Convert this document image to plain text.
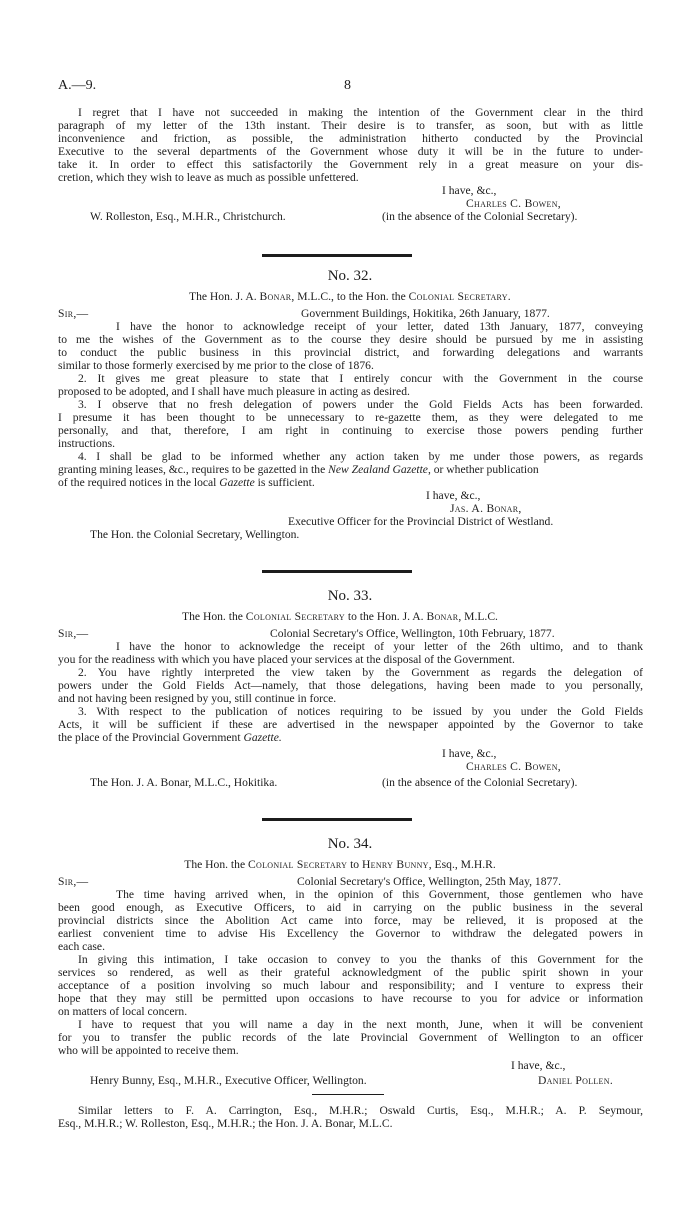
A.—9.	8
I regret that I have not succeeded in making the intention of the Government clear in the third
paragraph of my letter of the 13th instant. Their desire is to transfer, as soon, but with as little
inconvenience and friction, as possible, the administration hitherto conducted by the Provincial
Executive to the several departments of the Government whose duty it will be in the future to under-
take it. In order to effect this satisfactorily the Government rely in a great measure on your dis-
cretion, which they wish to leave as much as possible unfettered.
I have, &c.,
Charles C. Bowen,
W. Rolleston, Esq., M.H.R., Christchurch.	(in the absence of the Colonial Secretary).
No. 32.
The Hon. J. A. Bonar, M.L.C., to the Hon. the Colonial Secretary.
Sir,—	Government Buildings, Hokitika, 26th January, 1877.
I have the honor to acknowledge receipt of your letter, dated 13th January, 1877, conveying
to me the wishes of the Government as to the course they desire should be pursued by me in assisting
to conduct the public business in this provincial district, and forwarding delegations and warrants
similar to those formerly exercised by me prior to the close of 1876.
2. It gives me great pleasure to state that I entirely concur with the Government in the course
proposed to be adopted, and I shall have much pleasure in acting as desired.
3. I observe that no fresh delegation of powers under the Gold Fields Acts has been forwarded.
I presume it has been thought to be unnecessary to re-gazette them, as they were delegated to me
personally, and that, therefore, I am right in continuing to exercise those powers pending further
instructions.
4. I shall be glad to be informed whether any action taken by me under those powers, as regards
granting mining leases, &c., requires to be gazetted in the New Zealand Gazette, or whether publication
of the required notices in the local Gazette is sufficient.
I have, &c.,
Jas. A. Bonar,
Executive Officer for the Provincial District of Westland.
The Hon. the Colonial Secretary, Wellington.
No. 33.
The Hon. the Colonial Secretary to the Hon. J. A. Bonar, M.L.C.
Sir,—	Colonial Secretary's Office, Wellington, 10th February, 1877.
I have the honor to acknowledge the receipt of your letter of the 26th ultimo, and to thank
you for the readiness with which you have placed your services at the disposal of the Government.
2. You have rightly interpreted the view taken by the Government as regards the delegation of
powers under the Gold Fields Act—namely, that those delegations, having been made to you personally,
and not having been resigned by you, still continue in force.
3. With respect to the publication of notices requiring to be issued by you under the Gold Fields
Acts, it will be sufficient if these are advertised in the newspaper appointed by the Governor to take
the place of the Provincial Government Gazette.
I have, &c.,
Charles C. Bowen,
The Hon. J. A. Bonar, M.L.C., Hokitika.	(in the absence of the Colonial Secretary).
No. 34.
The Hon. the Colonial Secretary to Henry Bunny, Esq., M.H.R.
Sir,—	Colonial Secretary's Office, Wellington, 25th May, 1877.
The time having arrived when, in the opinion of this Government, those gentlemen who have
been good enough, as Executive Officers, to aid in carrying on the public business in the several
provincial districts since the Abolition Act came into force, may be relieved, it is proposed at the
earliest convenient time to advise His Excellency the Governor to withdraw the delegated powers in
each case.
In giving this intimation, I take occasion to convey to you the thanks of this Government for the
services so rendered, as well as their grateful acknowledgment of the public spirit shown in your
acceptance of a position involving so much labour and responsibility; and I venture to express their
hope that they may still be permitted upon occasions to have recourse to you for advice or information
on matters of local concern.
I have to request that you will name a day in the next month, June, when it will be convenient
for you to transfer the public records of the late Provincial Government of Wellington to an officer
who will be appointed to receive them.
I have, &c.,
Henry Bunny, Esq., M.H.R., Executive Officer, Wellington.	Daniel Pollen.
Similar letters to F. A. Carrington, Esq., M.H.R.; Oswald Curtis, Esq., M.H.R.; A. P. Seymour,
Esq., M.H.R.; W. Rolleston, Esq., M.H.R.; the Hon. J. A. Bonar, M.L.C.
